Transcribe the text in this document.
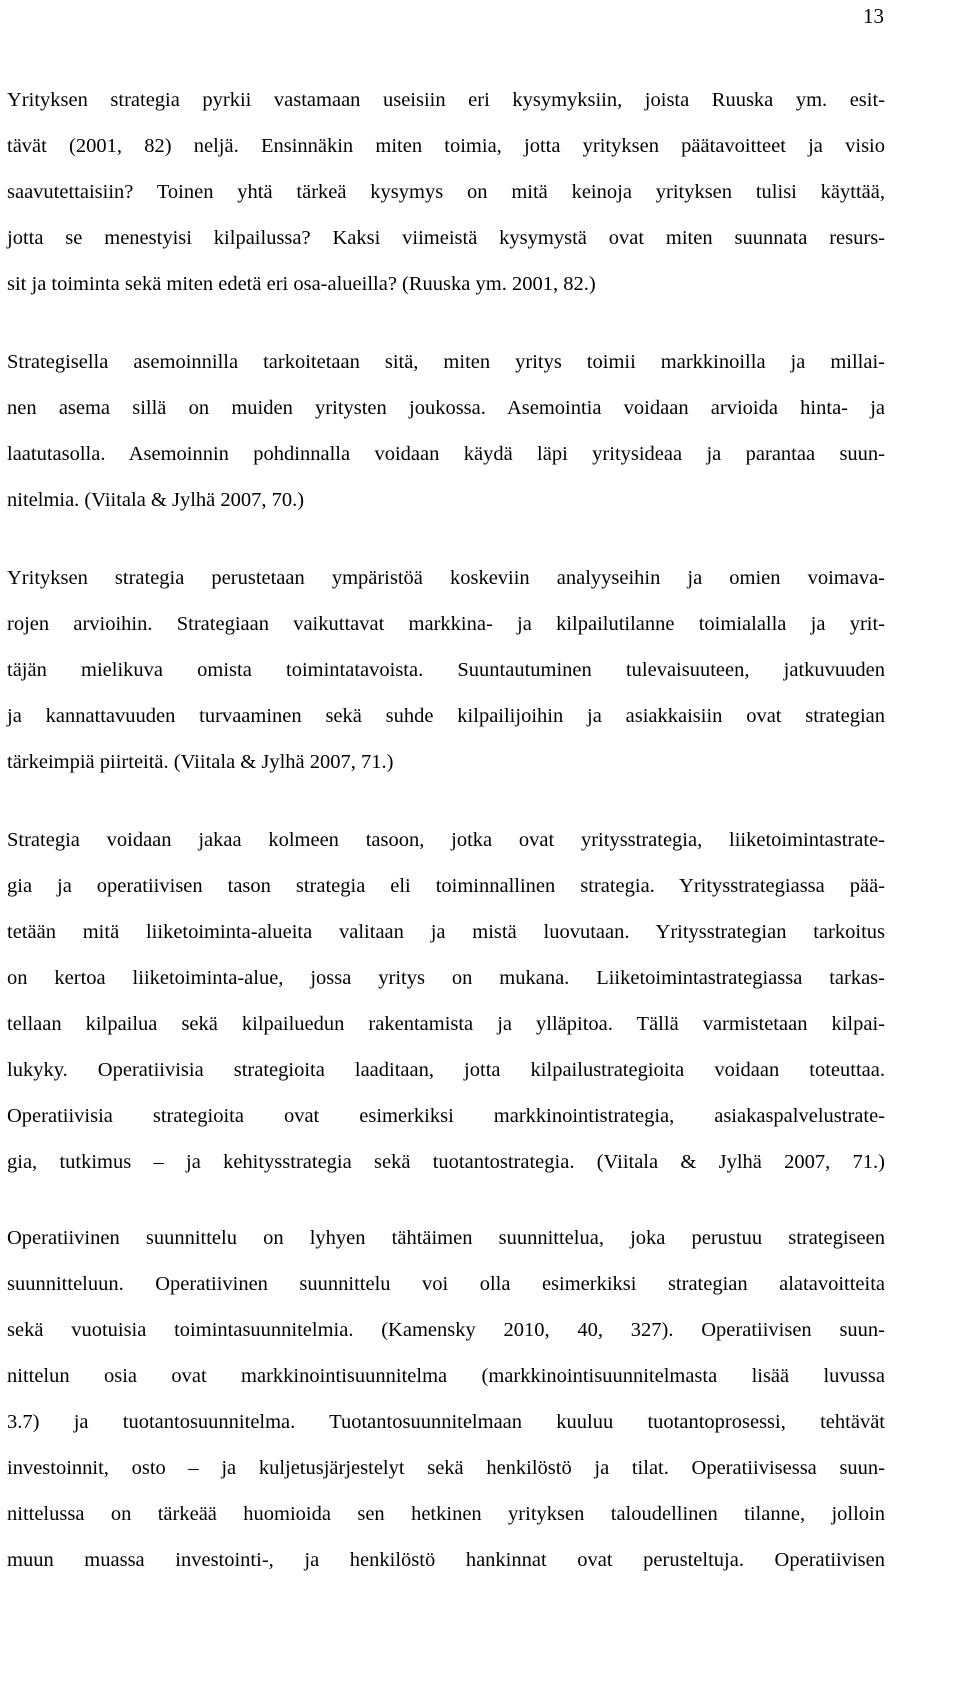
13
Yrityksen strategia pyrkii vastamaan useisiin eri kysymyksiin, joista Ruuska ym. esit-
tävät (2001, 82) neljä. Ensinnäkin miten toimia, jotta yrityksen päätavoitteet ja visio
saavutettaisiin? Toinen yhtä tärkeä kysymys on mitä keinoja yrityksen tulisi käyttää,
jotta se menestyisi kilpailussa? Kaksi viimeistä kysymystä ovat miten suunnata resurs-
sit ja toiminta sekä miten edetä eri osa-alueilla? (Ruuska ym. 2001, 82.)
Strategisella asemoinnilla tarkoitetaan sitä, miten yritys toimii markkinoilla ja millai-
nen asema sillä on muiden yritysten joukossa. Asemointia voidaan arvioida hinta- ja
laatutasolla. Asemoinnin pohdinnalla voidaan käydä läpi yritysideaa ja parantaa suun-
nitelmia. (Viitala & Jylhä 2007, 70.)
Yrityksen strategia perustetaan ympäristöä koskeviin analyyseihin ja omien voimava-
rojen arvioihin. Strategiaan vaikuttavat markkina- ja kilpailutilanne toimialalla ja yrit-
täjän mielikuva omista toimintatavoista. Suuntautuminen tulevaisuuteen, jatkuvuuden
ja kannattavuuden turvaaminen sekä suhde kilpailijoihin ja asiakkaisiin ovat strategian
tärkeimpiä piirteitä. (Viitala & Jylhä 2007, 71.)
Strategia voidaan jakaa kolmeen tasoon, jotka ovat yritysstrategia, liiketoimintastrate-
gia ja operatiivisen tason strategia eli toiminnallinen strategia. Yritysstrategiassa pää-
tetään mitä liiketoiminta-alueita valitaan ja mistä luovutaan. Yritysstrategian tarkoitus
on kertoa liiketoiminta-alue, jossa yritys on mukana. Liiketoimintastrategiassa tarkas-
tellaan kilpailua sekä kilpailuedun rakentamista ja ylläpitoa. Tällä varmistetaan kilpai-
lukyky. Operatiivisia strategioita laaditaan, jotta kilpailustrategioita voidaan toteuttaa.
Operatiivisia strategioita ovat esimerkiksi markkinointistrategia, asiakaspalvelustrate-
gia, tutkimus – ja kehitysstrategia sekä tuotantostrategia. (Viitala & Jylhä 2007, 71.)
Operatiivinen suunnittelu on lyhyen tähtäimen suunnittelua, joka perustuu strategiseen
suunnitteluun. Operatiivinen suunnittelu voi olla esimerkiksi strategian alatavoitteita
sekä vuotuisia toimintasuunnitelmia. (Kamensky 2010, 40, 327). Operatiivisen suun-
nittelun osia ovat markkinointisuunnitelma (markkinointisuunnitelmasta lisää luvussa
3.7) ja tuotantosuunnitelma. Tuotantosuunnitelmaan kuuluu tuotantoprosessi, tehtävät
investoinnit, osto – ja kuljetusjärjestelyt sekä henkilöstö ja tilat. Operatiivisessa suun-
nittelussa on tärkeää huomioida sen hetkinen yrityksen taloudellinen tilanne, jolloin
muun muassa investointi-, ja henkilöstö hankinnat ovat perusteltuja. Operatiivisen
